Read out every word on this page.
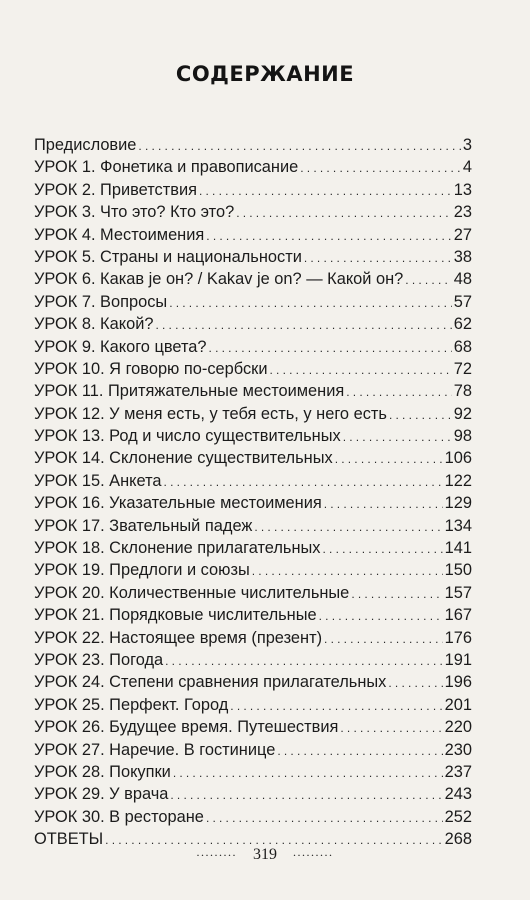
СОДЕРЖАНИЕ
Предисловие .....	3
УРОК 1. Фонетика и правописание .....	4
УРОК 2. Приветствия .....	13
УРОК 3. Что это? Кто это? .....	23
УРОК 4. Местоимения .....	27
УРОК 5. Страны и национальности .....	38
УРОК 6. Какав је он? / Kakav je on? — Какой он? .....	48
УРОК 7. Вопросы .....	57
УРОК 8. Какой? .....	62
УРОК 9. Какого цвета? .....	68
УРОК 10. Я говорю по-сербски .....	72
УРОК 11. Притяжательные местоимения .....	78
УРОК 12. У меня есть, у тебя есть, у него есть .....	92
УРОК 13. Род и число существительных .....	98
УРОК 14. Склонение существительных .....	106
УРОК 15. Анкета .....	122
УРОК 16. Указательные местоимения .....	129
УРОК 17. Звательный падеж .....	134
УРОК 18. Склонение прилагательных .....	141
УРОК 19. Предлоги и союзы .....	150
УРОК 20. Количественные числительные .....	157
УРОК 21. Порядковые числительные .....	167
УРОК 22. Настоящее время (презент) .....	176
УРОК 23. Погода .....	191
УРОК 24. Степени сравнения прилагательных .....	196
УРОК 25. Перфект. Город .....	201
УРОК 26. Будущее время. Путешествия .....	220
УРОК 27. Наречие. В гостинице .....	230
УРОК 28. Покупки .....	237
УРОК 29. У врача .....	243
УРОК 30. В ресторане .....	252
ОТВЕТЫ .....	268
......... 319 .........
